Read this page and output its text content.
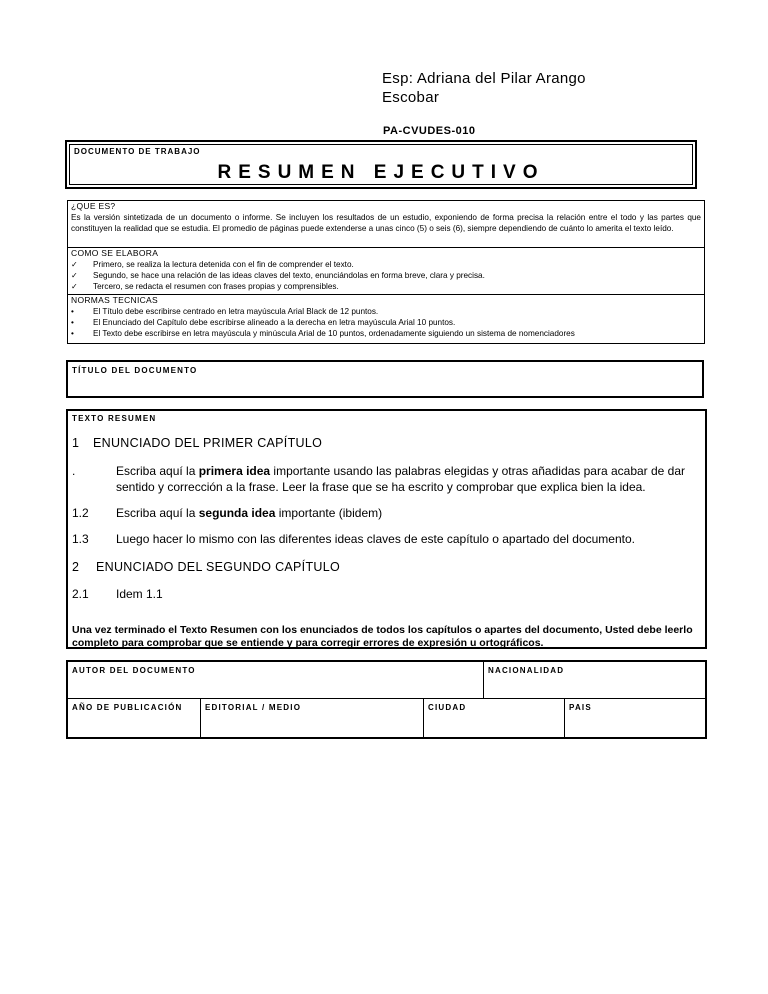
Esp: Adriana del Pilar Arango
Escobar
PA-CVUDES-010
DOCUMENTO DE TRABAJO
RESUMEN EJECUTIVO
¿QUE ES?
Es la versión sintetizada de un documento o informe. Se incluyen los resultados de un estudio, exponiendo de forma precisa la relación entre el todo y las partes que constituyen la realidad que se estudia. El promedio de páginas puede extenderse a unas cinco (5) o seis (6), siempre dependiendo de cuánto lo amerita el texto leído.
COMO SE ELABORA
✓	Primero, se realiza la lectura detenida con el fin de comprender el texto.
✓	Segundo, se hace una relación de las ideas claves del texto, enunciándolas en forma breve, clara y precisa.
✓	Tercero, se redacta el resumen con frases propias y comprensibles.
NORMAS TECNICAS
•	El Título debe escribirse centrado en letra mayúscula Arial Black de 12 puntos.
•	El Enunciado del Capítulo debe escribirse alineado a la derecha en letra mayúscula Arial 10 puntos.
•	El Texto debe escribirse en letra mayúscula y minúscula Arial de 10 puntos, ordenadamente siguiendo un sistema de nomenciadores
TÍTULO DEL DOCUMENTO
TEXTO RESUMEN
1 ENUNCIADO DEL PRIMER CAPÍTULO
.	Escriba aquí la primera idea importante usando las palabras elegidas y otras añadidas para acabar de dar sentido y corrección a la frase. Leer la frase que se ha escrito y comprobar que explica bien la idea.
1.2 Escriba aquí la segunda idea importante (ibidem)
1.3 Luego hacer lo mismo con las diferentes ideas claves de este capítulo o apartado del documento.
2 ENUNCIADO DEL SEGUNDO CAPÍTULO
2.1 Idem 1.1
Una vez terminado el Texto Resumen con los enunciados de todos los capítulos o apartes del documento, Usted debe leerlo completo para comprobar que se entiende y para corregir errores de expresión u ortográficos.
AUTOR DEL DOCUMENTO	NACIONALIDAD
AÑO DE PUBLICACIÓN	EDITORIAL / MEDIO	CIUDAD	PAIS
